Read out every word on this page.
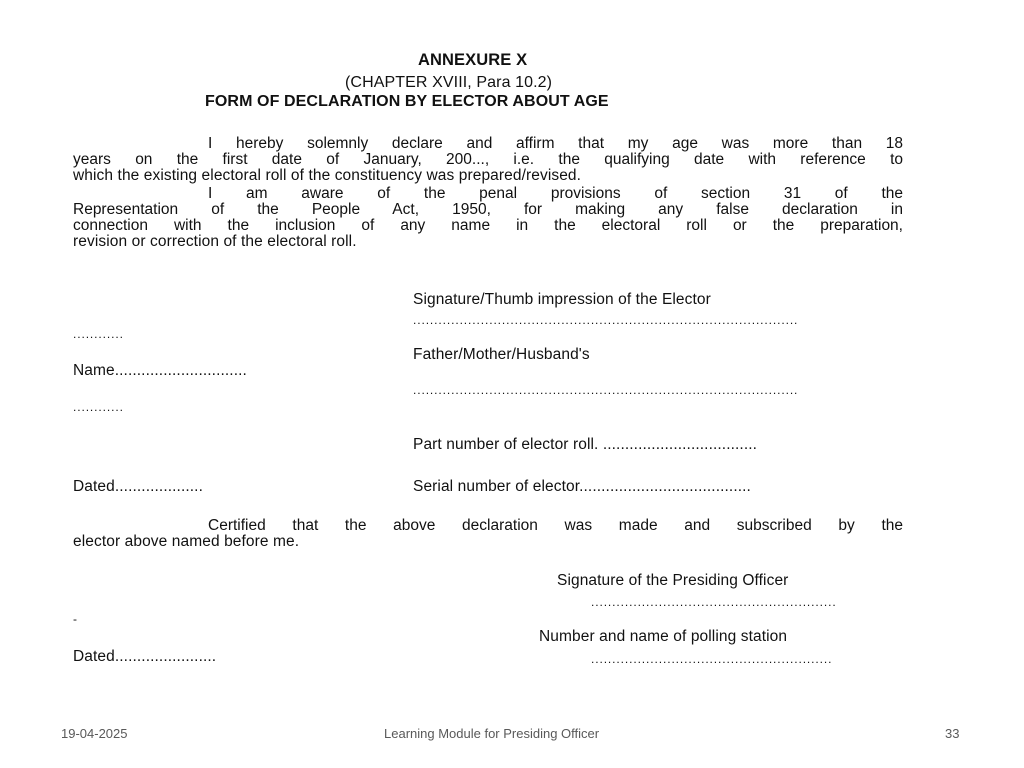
ANNEXURE X
(CHAPTER XVIII, Para 10.2)
FORM OF DECLARATION BY ELECTOR ABOUT AGE
I hereby solemnly declare and affirm that my age was more than 18
years on the first date of January, 200..., i.e. the qualifying date with reference to
which the existing electoral roll of the constituency was prepared/revised.
I am aware of the penal provisions of section 31 of the
Representation of the People Act, 1950, for making any false declaration in
connection with the inclusion of any name in the electoral roll or the preparation,
revision or correction of the electoral roll.
Signature/Thumb impression of the Elector
...........................................................................................
............
Father/Mother/Husband's
Name..............................
...........................................................................................
............
Part number of elector roll. ...................................
Dated....................	Serial number of elector.......................................
Certified that the above declaration was made and subscribed by the
elector above named before me.
Signature of the Presiding Officer
..........................................................
-
Number and name of polling station
Dated.......................	.........................................................
19-04-2025	Learning Module for Presiding Officer	33
